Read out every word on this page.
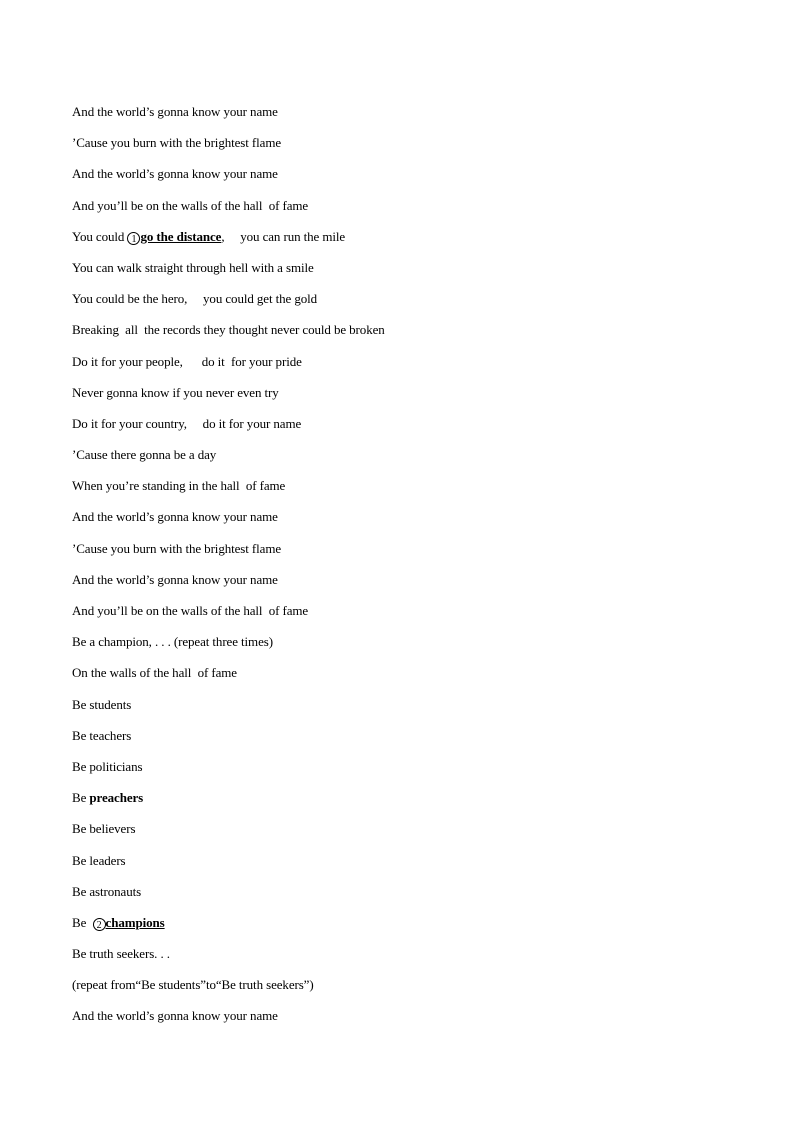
And the world’s gonna know your name
’Cause you burn with the brightest flame
And the world’s gonna know your name
And you’ll be on the walls of the hall  of fame
You could 1 go the distance,     you can run the mile
You can walk straight through hell with a smile
You could be the hero,     you could get the gold
Breaking  all  the records they thought never could be broken
Do it for your people,      do it  for your pride
Never gonna know if you never even try
Do it for your country,     do it for your name
’Cause there gonna be a day
When you’re standing in the hall  of fame
And the world’s gonna know your name
’Cause you burn with the brightest flame
And the world’s gonna know your name
And you’ll be on the walls of the hall  of fame
Be a champion, . . . (repeat three times)
On the walls of the hall  of fame
Be students
Be teachers
Be politicians
Be preachers
Be believers
Be leaders
Be astronauts
Be  2 champions
Be truth seekers. . .
(repeat from“Be students”to“Be truth seekers”)
And the world’s gonna know your name
